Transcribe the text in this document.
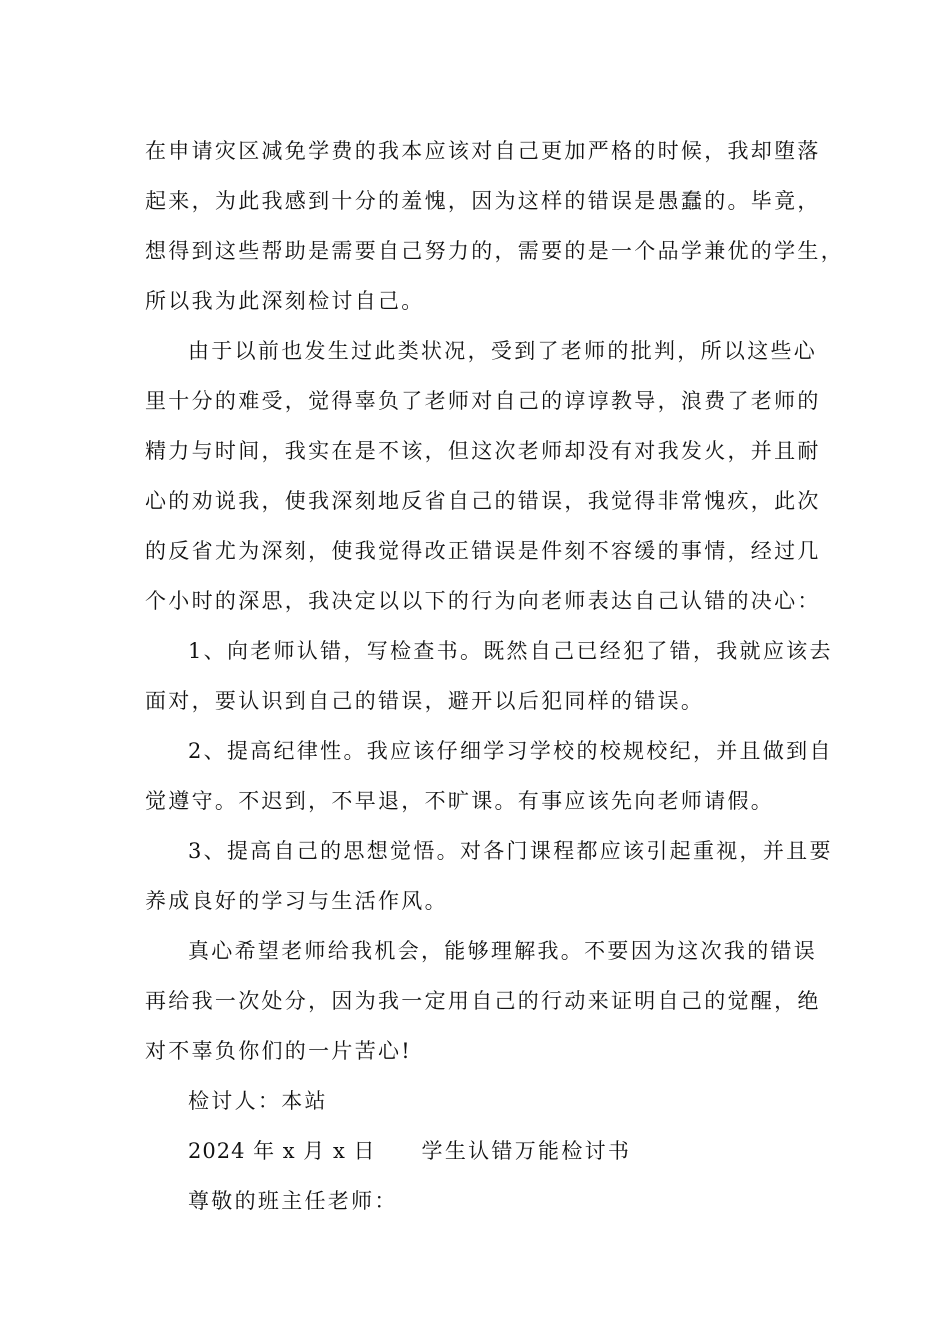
在申请灾区减免学费的我本应该对自己更加严格的时候，我却堕落
起来，为此我感到十分的羞愧，因为这样的错误是愚蠢的。毕竟，
想得到这些帮助是需要自己努力的，需要的是一个品学兼优的学生，
所以我为此深刻检讨自己。
由于以前也发生过此类状况，受到了老师的批判，所以这些心
里十分的难受，觉得辜负了老师对自己的谆谆教导，浪费了老师的
精力与时间，我实在是不该，但这次老师却没有对我发火，并且耐
心的劝说我，使我深刻地反省自己的错误，我觉得非常愧疚，此次
的反省尤为深刻，使我觉得改正错误是件刻不容缓的事情，经过几
个小时的深思，我决定以以下的行为向老师表达自己认错的决心：
1、向老师认错，写检查书。既然自己已经犯了错，我就应该去
面对，要认识到自己的错误，避开以后犯同样的错误。
2、提高纪律性。我应该仔细学习学校的校规校纪，并且做到自
觉遵守。不迟到，不早退，不旷课。有事应该先向老师请假。
3、提高自己的思想觉悟。对各门课程都应该引起重视，并且要
养成良好的学习与生活作风。
真心希望老师给我机会，能够理解我。不要因为这次我的错误
再给我一次处分，因为我一定用自己的行动来证明自己的觉醒，绝
对不辜负你们的一片苦心!
检讨人：本站
2024 年 x 月 x 日 学生认错万能检讨书
尊敬的班主任老师：
